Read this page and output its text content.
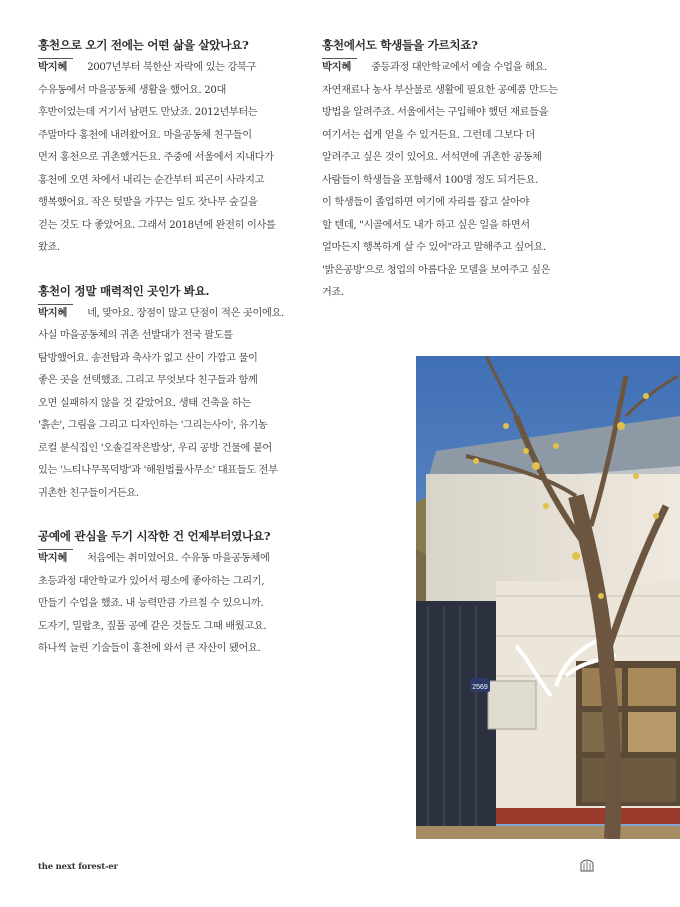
홍천으로 오기 전에는 어떤 삶을 살았나요?

박지혜 2007년부터 북한산 자락에 있는 강북구
수유동에서 마을공동체 생활을 했어요. 20대
후반이었는데 거기서 남편도 만났죠. 2012년부터는
주말마다 홍천에 내려왔어요. 마을공동체 친구들이
먼저 홍천으로 귀촌했거든요. 주중에 서울에서 지내다가
홍천에 오면 차에서 내리는 순간부터 피곤이 사라지고
행복했어요. 작은 텃밭을 가꾸는 일도 잣나무 숲길을
걷는 것도 다 좋았어요. 그래서 2018년에 완전히 이사를
왔죠.

홍천이 정말 매력적인 곳인가 봐요.

박지혜 네, 맞아요. 장점이 많고 단점이 적은 곳이에요.
사실 마을공동체의 귀촌 선발대가 전국 팔도를
탐방했어요. 송전탑과 축사가 없고 산이 가깝고 물이
좋은 곳을 선택했죠. 그리고 무엇보다 친구들과 함께
오면 실패하지 않을 것 같았어요. 생태 건축을 하는
'흙손', 그림을 그리고 디자인하는 '그리는사이', 유기농
로컬 분식집인 '오솔길작은밥상', 우리 공방 건물에 붙어
있는 '느티나무목덕방'과 '해원법률사무소' 대표들도 전부
귀촌한 친구들이거든요.

공예에 관심을 두기 시작한 건 언제부터였나요?

박지혜 처음에는 취미였어요. 수유동 마을공동체에
초등과정 대안학교가 있어서 평소에 좋아하는 그리기,
만들기 수업을 했죠. 내 능력만큼 가르칠 수 있으니까.
도자기, 밀랍초, 짚풀 공예 같은 것들도 그때 배웠고요.
하나씩 늘린 기술들이 홍천에 와서 큰 자산이 됐어요.

홍천에서도 학생들을 가르치죠?

박지혜 중등과정 대안학교에서 예술 수업을 해요.
자연재료나 농사 부산물로 생활에 필요한 공예품 만드는
방법을 알려주죠. 서울에서는 구입해야 했던 재료들을
여기서는 쉽게 얻을 수 있거든요. 그런데 그보다 더
알려주고 싶은 것이 있어요. 서석면에 귀촌한 공동체
사람들이 학생들을 포함해서 100명 정도 되거든요.
이 학생들이 졸업하면 여기에 자리를 잡고 살아야
할 텐데, "시골에서도 내가 하고 싶은 일을 하면서
얼마든지 행복하게 살 수 있어"라고 말해주고 싶어요.
'밝은공방'으로 청업의 아름다운 모델을 보여주고 싶은
거죠.
2569
the next forest-er
